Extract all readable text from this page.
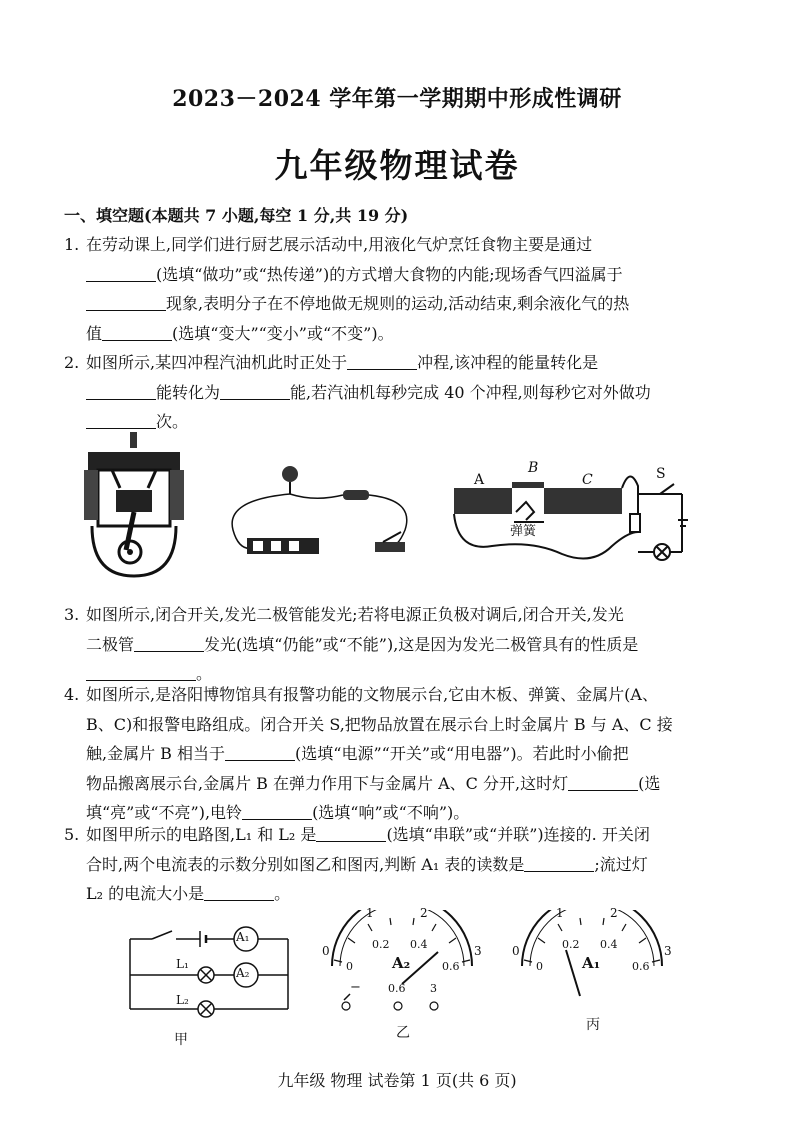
2023－2024 学年第一学期期中形成性调研
九年级物理试卷
一、填空题(本题共 7 小题,每空 1 分,共 19 分)
1. 在劳动课上,同学们进行厨艺展示活动中,用液化气炉烹饪食物主要是通过
(选填“做功”或“热传递”)的方式增大食物的内能;现场香气四溢属于
现象,表明分子在不停地做无规则的运动,活动结束,剩余液化气的热
值	(选填“变大”“变小”或“不变”)。
2. 如图所示,某四冲程汽油机此时正处于	冲程,该冲程的能量转化是
能转化为	能,若汽油机每秒完成 40 个冲程,则每秒它对外做功
次。
A
B
C	S
弹簧
3. 如图所示,闭合开关,发光二极管能发光;若将电源正负极对调后,闭合开关,发光
二极管	发光(选填“仍能”或“不能”),这是因为发光二极管具有的性质是
。
4. 如图所示,是洛阳博物馆具有报警功能的文物展示台,它由木板、弹簧、金属片(A、
B、C)和报警电路组成。闭合开关 S,把物品放置在展示台上时金属片 B 与 A、C 接
触,金属片 B 相当于	(选填“电源”“开关”或“用电器”)。若此时小偷把
物品搬离展示台,金属片 B 在弹力作用下与金属片 A、C 分开,这时灯	(选
填“亮”或“不亮”),电铃	(选填“响”或“不响”)。
5. 如图甲所示的电路图,L₁ 和 L₂ 是	(选填“串联”或“并联”)连接的. 开关闭
合时,两个电流表的示数分别如图乙和图丙,判断 A₁ 表的读数是	;流过灯
L₂ 的电流大小是	。
A₁
A₂
L₁
L₂
甲
1	2
0	3
0.2 0.4
0	0.6
A₂
− 0.6 3
乙
1	2
0	3
0.2 0.4
0	0.6
A₁
丙
九年级 物理 试卷第 1 页(共 6 页)
